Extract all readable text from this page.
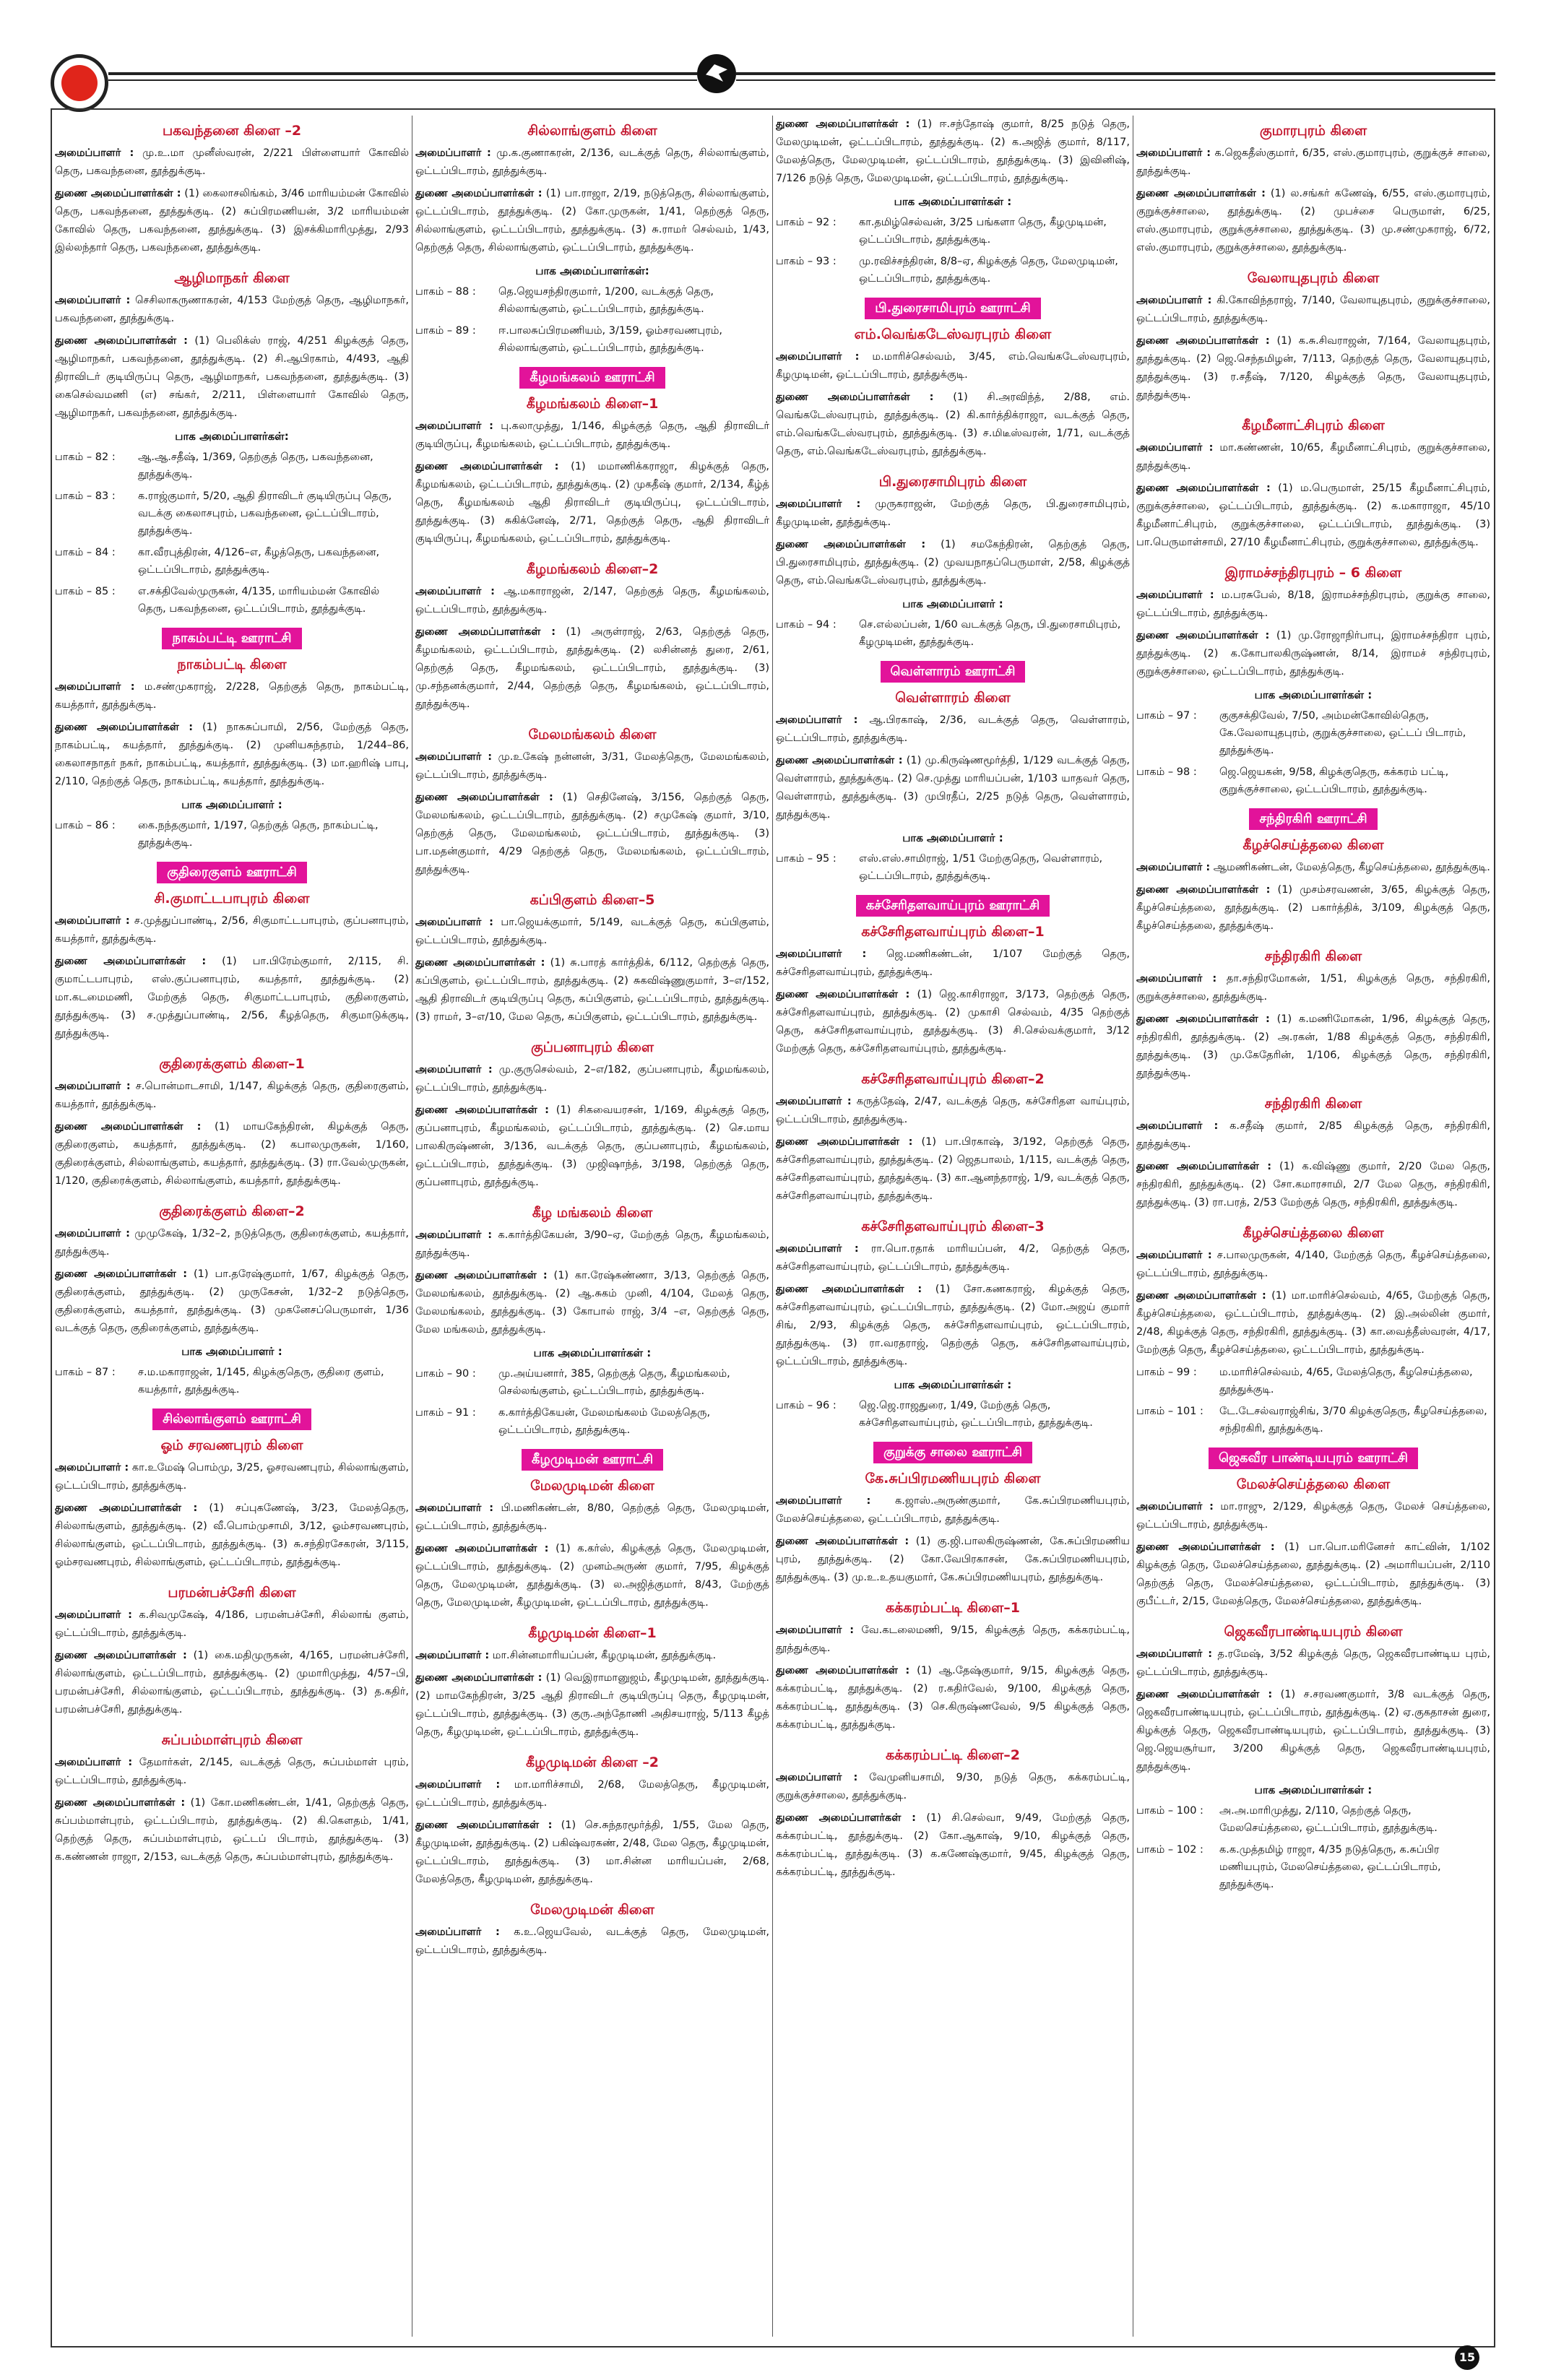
பகவந்தனை கிளை –2
அமைப்பாளர் : மு.உ.மா முனீஸ்வரன், 2/221 பிள்ளையார் கோவில் தெரு, பகவந்தனை, தூத்துக்குடி.
துணை அமைப்பாளர்கள் : (1) கைலாசலிங்கம், 3/46 மாரியம்மன் கோவில் தெரு, பகவந்தனை, தூத்துக்குடி. (2) சுப்பிரமணியன், 3/2 மாரியம்மன் கோவில் தெரு, பகவந்தனை, தூத்துக்குடி. (3) இசக்கிமாரிமுத்து, 2/93 இல்லந்தார் தெரு, பகவந்தனை, தூத்துக்குடி.
ஆழிமாநகர் கிளை
அமைப்பாளர் : செசிலாகருணாகரன், 4/153 மேற்குத் தெரு, ஆழிமாநகர், பகவந்தனை, தூத்துக்குடி.
துணை அமைப்பாளர்கள் : (1) பெலிக்ஸ் ராஜ், 4/251 கிழக்குத் தெரு, ஆழிமாநகர், பகவந்தனை, தூத்துக்குடி. (2) சி.ஆபிரகாம், 4/493, ஆதி திராவிடர் குடியிருப்பு தெரு, ஆழிமாநகர், பகவந்தனை, தூத்துக்குடி. (3) கைசெல்வமணி (எ) சங்கர், 2/211, பிள்ளையார் கோவில் தெரு, ஆழிமாநகர், பகவந்தனை, தூத்துக்குடி.
பாக அமைப்பாளர்கள்:
பாகம் – 82 :	ஆ.ஆ.சதீஷ், 1/369, தெற்குத் தெரு, பகவந்தனை, தூத்துக்குடி.
பாகம் – 83 :	க.ராஜ்குமார், 5/20, ஆதி திராவிடர் குடியிருப்பு தெரு, வடக்கு கைலாசபுரம், பகவந்தனை, ஒட்டப்பிடாரம், தூத்துக்குடி.
பாகம் – 84 :	கா.வீரபுத்திரன், 4/126–எ, கீழத்தெரு, பகவந்தனை, ஒட்டப்பிடாரம், தூத்துக்குடி.
பாகம் – 85 :	எ.சக்திவேல்முருகன், 4/135, மாரியம்மன் கோவில் தெரு, பகவந்தனை, ஒட்டப்பிடாரம், தூத்துக்குடி.
நாகம்பட்டி ஊராட்சி
நாகம்பட்டி கிளை
அமைப்பாளர் : ம.சண்முகராஜ், 2/228, தெற்குத் தெரு, நாகம்பட்டி, கயத்தார், தூத்துக்குடி.
துணை அமைப்பாளர்கள் : (1) நாகசுப்பாமி, 2/56, மேற்குத் தெரு, நாகம்பட்டி, கயத்தார், தூத்துக்குடி. (2) முனியசுந்தரம், 1/244–86, கைலாசநாதர் நகர், நாகம்பட்டி, கயத்தார், தூத்துக்குடி. (3) மா.ஹரிஷ் பாபு, 2/110, தெற்குத் தெரு, நாகம்பட்டி, கயத்தார், தூத்துக்குடி.
பாக அமைப்பாளர் :
பாகம் – 86 :	கை.நந்தகுமார், 1/197, தெற்குத் தெரு, நாகம்பட்டி, தூத்துக்குடி.
குதிரைகுளம் ஊராட்சி
சி.குமாட்டபாபுரம் கிளை
அமைப்பாளர் : ச.முத்துப்பாண்டி, 2/56, சிகுமாட்டபாபுரம், குப்பனாபுரம், கயத்தார், தூத்துக்குடி.
துணை அமைப்பாளர்கள் : (1) பா.பிரேம்குமார், 2/115, சி. குமாட்டபாபுரம், எஸ்.குப்பனாபுரம், கயத்தார், தூத்துக்குடி. (2) மா.கடமைமணி, மேற்குத் தெரு, சிகுமாட்டபாபுரம், குதிரைகுளம், தூத்துக்குடி. (3) ச.முத்துப்பாண்டி, 2/56, கீழத்தெரு, சிகுமாடுக்குடி, தூத்துக்குடி.
குதிரைக்குளம் கிளை–1
அமைப்பாளர் : ச.பொன்மாடசாமி, 1/147, கிழக்குத் தெரு, குதிரைகுளம், கயத்தார், தூத்துக்குடி.
துணை அமைப்பாளர்கள் : (1) மாயகேந்திரன், கிழக்குத் தெரு, குதிரைகுளம், கயத்தார், தூத்துக்குடி. (2) கபாலமுருகன், 1/160, குதிரைக்குளம், சில்லாங்குளம், கயத்தார், தூத்துக்குடி. (3) ரா.வேல்முருகன், 1/120, குதிரைக்குளம், சில்லாங்குளம், கயத்தார், தூத்துக்குடி.
குதிரைக்குளம் கிளை–2
அமைப்பாளர் : முமுகேஷ், 1/32–2, நடுத்தெரு, குதிரைக்குளம், கயத்தார், தூத்துக்குடி.
துணை அமைப்பாளர்கள் : (1) பா.தரேஷ்குமார், 1/67, கிழக்குத் தெரு, குதிரைக்குளம், தூத்துக்குடி. (2) முருகேசன், 1/32–2 நடுத்தெரு, குதிரைக்குளம், கயத்தார், தூத்துக்குடி. (3) முகனேசப்பெருமாள், 1/36 வடக்குத் தெரு, குதிரைக்குளம், தூத்துக்குடி.
பாக அமைப்பாளர் :
பாகம் – 87 :	ச.ம.மகாராஜன், 1/145, கிழக்குதெரு, குதிரை குளம், கயத்தார், தூத்துக்குடி.
சில்லாங்குளம் ஊராட்சி
ஓம் சரவணபுரம் கிளை
அமைப்பாளர் : கா.உமேஷ் பொம்மு, 3/25, ஓசரவணபுரம், சில்லாங்குளம், ஒட்டப்பிடாரம், தூத்துக்குடி.
துணை அமைப்பாளர்கள் : (1) சப்புகணேஷ், 3/23, மேலத்தெரு, சில்லாங்குளம், தூத்துக்குடி. (2) வீ.பொம்முசாமி, 3/12, ஓம்சரவணபுரம், சில்லாங்குளம், ஒட்டப்பிடாரம், தூத்துக்குடி. (3) சு.சந்திரசேகரன், 3/115, ஓம்சரவணபுரம், சில்லாங்குளம், ஒட்டப்பிடாரம், தூத்துக்குடி.
பரமன்பச்சேரி கிளை
அமைப்பாளர் : க.சிவமுகேஷ், 4/186, பரமன்பச்சேரி, சில்லாங் குளம், ஒட்டப்பிடாரம், தூத்துக்குடி.
துணை அமைப்பாளர்கள் : (1) கை.மதிமுருகன், 4/165, பரமன்பச்சேரி, சில்லாங்குளம், ஒட்டப்பிடாரம், தூத்துக்குடி. (2) முமாரிமுத்து, 4/57–பி, பரமன்பச்சேரி, சில்லாங்குளம், ஒட்டப்பிடாரம், தூத்துக்குடி. (3) த.கதிர், பரமன்பச்சேரி, தூத்துக்குடி.
சுப்பம்மாள்புரம் கிளை
அமைப்பாளர் : தேமார்கள், 2/145, வடக்குத் தெரு, சுப்பம்மாள் புரம், ஒட்டப்பிடாரம், தூத்துக்குடி.
துணை அமைப்பாளர்கள் : (1) கோ.மணிகண்டன், 1/41, தெற்குத் தெரு, சுப்பம்மாள்புரம், ஒட்டப்பிடாரம், தூத்துக்குடி. (2) கி.கௌதம், 1/41, தெற்குத் தெரு, சுப்பம்மாள்புரம், ஒட்டப் பிடாரம், தூத்துக்குடி. (3) க.கண்ணன் ராஜா, 2/153, வடக்குத் தெரு, சுப்பம்மாள்புரம், தூத்துக்குடி.
சில்லாங்குளம் கிளை
அமைப்பாளர் : மு.க.குணாகரன், 2/136, வடக்குத் தெரு, சில்லாங்குளம், ஒட்டப்பிடாரம், தூத்துக்குடி.
துணை அமைப்பாளர்கள் : (1) பா.ராஜா, 2/19, நடுத்தெரு, சில்லாங்குளம், ஒட்டப்பிடாரம், தூத்துக்குடி. (2) கோ.முருகன், 1/41, தெற்குத் தெரு, சில்லாங்குளம், ஒட்டப்பிடாரம், தூத்துக்குடி. (3) சு.ராமர் செல்வம், 1/43, தெற்குத் தெரு, சில்லாங்குளம், ஒட்டப்பிடாரம், தூத்துக்குடி.
பாக அமைப்பாளர்கள்:
பாகம் – 88 :	தெ.ஜெயசந்திரகுமார், 1/200, வடக்குத் தெரு, சில்லாங்குளம், ஒட்டப்பிடாரம், தூத்துக்குடி.
பாகம் – 89 :	ஈ.பாலசுப்பிரமணியம், 3/159, ஓம்சரவணபுரம், சில்லாங்குளம், ஒட்டப்பிடாரம், தூத்துக்குடி.
கீழமங்கலம் ஊராட்சி
கீழமங்கலம் கிளை–1
அமைப்பாளர் : பு.கலாமுத்து, 1/146, கிழக்குத் தெரு, ஆதி திராவிடர் குடியிருப்பு, கீழமங்கலம், ஒட்டப்பிடாரம், தூத்துக்குடி.
துணை அமைப்பாளர்கள் : (1) மமாணிக்கராஜா, கிழக்குத் தெரு, கீழமங்கலம், ஒட்டப்பிடாரம், தூத்துக்குடி. (2) முகதீஷ் குமார், 2/134, கீழ்த் தெரு, கீழமங்கலம் ஆதி திராவிடர் குடியிருப்பு, ஒட்டப்பிடாரம், தூத்துக்குடி. (3) சுகிக்னேஷ், 2/71, தெற்குத் தெரு, ஆதி திராவிடர் குடியிருப்பு, கீழமங்கலம், ஒட்டப்பிடாரம், தூத்துக்குடி.
கீழமங்கலம் கிளை–2
அமைப்பாளர் : ஆ.மகாராஜன், 2/147, தெற்குத் தெரு, கீழமங்கலம், ஒட்டப்பிடாரம், தூத்துக்குடி.
துணை அமைப்பாளர்கள் : (1) அருள்ராஜ், 2/63, தெற்குத் தெரு, கீழமங்கலம், ஒட்டப்பிடாரம், தூத்துக்குடி. (2) லசின்னத் துரை, 2/61, தெற்குத் தெரு, கீழமங்கலம், ஒட்டப்பிடாரம், தூத்துக்குடி. (3) மு.சந்தனக்குமார், 2/44, தெற்குத் தெரு, கீழமங்கலம், ஒட்டப்பிடாரம், தூத்துக்குடி.
மேலமங்கலம் கிளை
அமைப்பாளர் : மு.உகேஷ் நன்னன், 3/31, மேலத்தெரு, மேலமங்கலம், ஒட்டப்பிடாரம், தூத்துக்குடி.
துணை அமைப்பாளர்கள் : (1) செதினேஷ், 3/156, தெற்குத் தெரு, மேலமங்கலம், ஒட்டப்பிடாரம், தூத்துக்குடி. (2) சமுகேஷ் குமார், 3/10, தெற்குத் தெரு, மேலமங்கலம், ஒட்டப்பிடாரம், தூத்துக்குடி. (3) பா.மதன்குமார், 4/29 தெற்குத் தெரு, மேலமங்கலம், ஒட்டப்பிடாரம், தூத்துக்குடி.
கப்பிகுளம் கிளை–5
அமைப்பாளர் : பா.ஜெயக்குமார், 5/149, வடக்குத் தெரு, கப்பிகுளம், ஒட்டப்பிடாரம், தூத்துக்குடி.
துணை அமைப்பாளர்கள் : (1) சு.பாரத் கார்த்திக், 6/112, தெற்குத் தெரு, கப்பிகுளம், ஒட்டப்பிடாரம், தூத்துக்குடி. (2) சுகவிஷ்ணுகுமார், 3–எ/152, ஆதி திராவிடர் குடியிருப்பு தெரு, கப்பிகுளம், ஒட்டப்பிடாரம், தூத்துக்குடி. (3) ராமர், 3–எ/10, மேல தெரு, கப்பிகுளம், ஒட்டப்பிடாரம், தூத்துக்குடி.
குப்பனாபுரம் கிளை
அமைப்பாளர் : மு.குருசெல்வம், 2–எ/182, குப்பனாபுரம், கீழமங்கலம், ஒட்டப்பிடாரம், தூத்துக்குடி.
துணை அமைப்பாளர்கள் : (1) சிகவையரசன், 1/169, கிழக்குத் தெரு, குப்பனாபுரம், கீழமங்கலம், ஒட்டப்பிடாரம், தூத்துக்குடி. (2) செ.மாய பாலகிருஷ்ணன், 3/136, வடக்குத் தெரு, குப்பனாபுரம், கீழமங்கலம், ஒட்டப்பிடாரம், தூத்துக்குடி. (3) முஜிஷாந்த், 3/198, தெற்குத் தெரு, குப்பனாபுரம், தூத்துக்குடி.
கீழ மங்கலம் கிளை
அமைப்பாளர் : க.கார்த்திகேயன், 3/90–ஏ, மேற்குத் தெரு, கீழமங்கலம், தூத்துக்குடி.
துணை அமைப்பாளர்கள் : (1) கா.ரேஷ்கண்ணா, 3/13, தெற்குத் தெரு, மேலமங்கலம், தூத்துக்குடி. (2) ஆ.சுகம் முனி, 4/104, மேலத் தெரு, மேலமங்கலம், தூத்துக்குடி. (3) கோபால் ராஜ், 3/4 –எ, தெற்குத் தெரு, மேல மங்கலம், தூத்துக்குடி.
பாக அமைப்பாளர்கள் :
பாகம் – 90 :	மு.அய்யனார், 385, தெற்குத் தெரு, கீழமங்கலம், செல்லங்குளம், ஒட்டப்பிடாரம், தூத்துக்குடி.
பாகம் – 91 :	க.கார்த்திகேயன், மேலமங்கலம் மேலத்தெரு, ஒட்டப்பிடாரம், தூத்துக்குடி.
கீழமுடிமன் ஊராட்சி
மேலமுடிமன் கிளை
அமைப்பாளர் : பி.மணிகண்டன், 8/80, தெற்குத் தெரு, மேலமுடிமன், ஒட்டப்பிடாரம், தூத்துக்குடி.
துணை அமைப்பாளர்கள் : (1) க.கர்ஸ், கிழக்குத் தெரு, மேலமுடிமன், ஒட்டப்பிடாரம், தூத்துக்குடி. (2) முனம்அருண் குமார், 7/95, கிழக்குத் தெரு, மேலமுடிமன், தூத்துக்குடி. (3) ல.அஜித்குமார், 8/43, மேற்குத் தெரு, மேலமுடிமன், கீழமுடிமன், ஒட்டப்பிடாரம், தூத்துக்குடி.
கீழமுடிமன் கிளை–1
அமைப்பாளர் : மா.சின்னமாரியப்பன், கீழமுடிமன், தூத்துக்குடி.
துணை அமைப்பாளர்கள் : (1) வெஇராமானுஜம், கீழமுடிமன், தூத்துக்குடி. (2) மாமகேந்திரன், 3/25 ஆதி திராவிடர் குடியிருப்பு தெரு, கீழமுடிமன், ஒட்டப்பிடாரம், தூத்துக்குடி. (3) குரு.அந்தோணி அதிசயராஜ், 5/113 கீழத் தெரு, கீழமுடிமன், ஒட்டப்பிடாரம், தூத்துக்குடி.
கீழமுடிமன் கிளை –2
அமைப்பாளர் : மா.மாரிச்சாமி, 2/68, மேலத்தெரு, கீழமுடிமன், ஒட்டப்பிடாரம், தூத்துக்குடி.
துணை அமைப்பாளர்கள் : (1) செ.சுந்தரமூர்த்தி, 1/55, மேல தெரு, கீழமுடிமன், தூத்துக்குடி. (2) பகிஷ்வரகண், 2/48, மேல தெரு, கீழமுடிமன், ஒட்டப்பிடாரம், தூத்துக்குடி. (3) மா.சின்ன மாரியப்பன், 2/68, மேலத்தெரு, கீழமுடிமன், தூத்துக்குடி.
மேலமுடிமன் கிளை
அமைப்பாளர் : க.உ.ஜெயவேல், வடக்குத் தெரு, மேலமுடிமன், ஒட்டப்பிடாரம், தூத்துக்குடி.
துணை அமைப்பாளர்கள் : (1) ஈ.சந்தோஷ் குமார், 8/25 நடுத் தெரு, மேலமுடிமன், ஒட்டப்பிடாரம், தூத்துக்குடி. (2) க.அஜித் குமார், 8/117, மேலத்தெரு, மேலமுடிமன், ஒட்டப்பிடாரம், தூத்துக்குடி. (3) இவினிஷ், 7/126 நடுத் தெரு, மேலமுடிமன், ஒட்டப்பிடாரம், தூத்துக்குடி.
பாக அமைப்பாளர்கள் :
பாகம் – 92 :	கா.தமிழ்செல்வன், 3/25 பங்களா தெரு, கீழமுடிமன், ஒட்டப்பிடாரம், தூத்துக்குடி.
பாகம் – 93 :	மு.ரவிச்சந்திரன், 8/8–ஏ, கிழக்குத் தெரு, மேலமுடிமன், ஒட்டப்பிடாரம், தூத்துக்குடி.
பி.துரைசாமிபுரம் ஊராட்சி
எம்.வெங்கடேஸ்வரபுரம் கிளை
அமைப்பாளர் : ம.மாரிச்செல்வம், 3/45, எம்.வெங்கடேஸ்வரபுரம், கீழமுடிமன், ஒட்டப்பிடாரம், தூத்துக்குடி.
துணை அமைப்பாளர்கள் : (1) சி.அரவிந்த், 2/88, எம். வெங்கடேஸ்வரபுரம், தூத்துக்குடி. (2) கி.கார்த்திக்ராஜா, வடக்குத் தெரு, எம்.வெங்கடேஸ்வரபுரம், தூத்துக்குடி. (3) ச.மிடீஸ்வரன், 1/71, வடக்குத் தெரு, எம்.வெங்கடேஸ்வரபுரம், தூத்துக்குடி.
பி.துரைசாமிபுரம் கிளை
அமைப்பாளர் : முருகராஜன், மேற்குத் தெரு, பி.துரைசாமிபுரம், கீழமுடிமன், தூத்துக்குடி.
துணை அமைப்பாளர்கள் : (1) சமகேந்திரன், தெற்குத் தெரு, பி.துரைசாமிபுரம், தூத்துக்குடி. (2) முவயநாதப்பெருமாள், 2/58, கிழக்குத் தெரு, எம்.வெங்கடேஸ்வரபுரம், தூத்துக்குடி.
பாக அமைப்பாளர் :
பாகம் – 94 :	செ.எல்லப்பன், 1/60 வடக்குத் தெரு, பி.துரைசாமிபுரம், கீழமுடிமன், தூத்துக்குடி.
வெள்ளாரம் ஊராட்சி
வெள்ளாரம் கிளை
அமைப்பாளர் : ஆ.பிரகாஷ், 2/36, வடக்குத் தெரு, வெள்ளாரம், ஒட்டப்பிடாரம், தூத்துக்குடி.
துணை அமைப்பாளர்கள் : (1) மு.கிருஷ்ணமூர்த்தி, 1/129 வடக்குத் தெரு, வெள்ளாரம், தூத்துக்குடி. (2) செ.முத்து மாரியப்பன், 1/103 யாதவர் தெரு, வெள்ளாரம், தூத்துக்குடி. (3) முபிரதீப், 2/25 நடுத் தெரு, வெள்ளாரம், தூத்துக்குடி.
பாக அமைப்பாளர் :
பாகம் – 95 :	எஸ்.எஸ்.சாமிராஜ், 1/51 மேற்குதெரு, வெள்ளாரம், ஒட்டப்பிடாரம், தூத்துக்குடி.
கச்சேரிதளவாய்புரம் ஊராட்சி
கச்சேரிதளவாய்புரம் கிளை–1
அமைப்பாளர் : ஜெ.மணிகண்டன், 1/107 மேற்குத் தெரு, கச்சேரிதளவாய்புரம், தூத்துக்குடி.
துணை அமைப்பாளர்கள் : (1) ஜெ.காசிராஜா, 3/173, தெற்குத் தெரு, கச்சேரிதளவாய்புரம், தூத்துக்குடி. (2) முகாசி செல்வம், 4/35 தெற்குத் தெரு, கச்சேரிதளவாய்புரம், தூத்துக்குடி. (3) சி.செல்வக்குமார், 3/12 மேற்குத் தெரு, கச்சேரிதளவாய்புரம், தூத்துக்குடி.
கச்சேரிதளவாய்புரம் கிளை–2
அமைப்பாளர் : கருத்தேஷ், 2/47, வடக்குத் தெரு, கச்சேரிதள வாய்புரம், ஒட்டப்பிடாரம், தூத்துக்குடி.
துணை அமைப்பாளர்கள் : (1) பா.பிரகாஷ், 3/192, தெற்குத் தெரு, கச்சேரிதளவாய்புரம், தூத்துக்குடி. (2) ஜெதபாலம், 1/115, வடக்குத் தெரு, கச்சேரிதளவாய்புரம், தூத்துக்குடி. (3) கா.ஆனந்தராஜ், 1/9, வடக்குத் தெரு, கச்சேரிதளவாய்புரம், தூத்துக்குடி.
கச்சேரிதளவாய்புரம் கிளை–3
அமைப்பாளர் : ரா.பொ.ரதாக் மாரியப்பன், 4/2, தெற்குத் தெரு, கச்சேரிதளவாய்புரம், ஒட்டப்பிடாரம், தூத்துக்குடி.
துணை அமைப்பாளர்கள் : (1) சோ.கணகராஜ், கிழக்குத் தெரு, கச்சேரிதளவாய்புரம், ஒட்டப்பிடாரம், தூத்துக்குடி. (2) மோ.அஜய் குமார் சிங், 2/93, கிழக்குத் தெரு, கச்சேரிதளவாய்புரம், ஒட்டப்பிடாரம், தூத்துக்குடி. (3) ரா.வரதராஜ், தெற்குத் தெரு, கச்சேரிதளவாய்புரம், ஒட்டப்பிடாரம், தூத்துக்குடி.
பாக அமைப்பாளர்கள் :
பாகம் – 96 :	ஜெ.ஜெ.ராஜதுரை, 1/49, மேற்குத் தெரு, கச்சேரிதளவாய்புரம், ஒட்டப்பிடாரம், தூத்துக்குடி.
குறுக்கு சாலை ஊராட்சி
கே.சுப்பிரமணியபுரம் கிளை
அமைப்பாளர் : க.ஜாஸ்.அருண்குமார், கே.சுப்பிரமணியபுரம், மேலச்செய்த்தலை, ஒட்டப்பிடாரம், தூத்துக்குடி.
துணை அமைப்பாளர்கள் : (1) கு.ஜி.பாலகிருஷ்ணன், கே.சுப்பிரமணிய புரம், தூத்துக்குடி. (2) கோ.வேபிரகாசன், கே.சுப்பிரமணியபுரம், தூத்துக்குடி. (3) மு.உ.உதயகுமார், கே.சுப்பிரமணியபுரம், தூத்துக்குடி.
கக்கரம்பட்டி கிளை–1
அமைப்பாளர் : வே.கடலைமணி, 9/15, கிழக்குத் தெரு, கக்கரம்பட்டி, தூத்துக்குடி.
துணை அமைப்பாளர்கள் : (1) ஆ.தேஷ்குமார், 9/15, கிழக்குத் தெரு, கக்கரம்பட்டி, தூத்துக்குடி. (2) ர.கதிர்வேல், 9/100, கிழக்குத் தெரு, கக்கரம்பட்டி, தூத்துக்குடி. (3) செ.கிருஷ்ணவேல், 9/5 கிழக்குத் தெரு, கக்கரம்பட்டி, தூத்துக்குடி.
கக்கரம்பட்டி கிளை–2
அமைப்பாளர் : வேமுனியசாமி, 9/30, நடுத் தெரு, கக்கரம்பட்டி, குறுக்குச்சாலை, தூத்துக்குடி.
துணை அமைப்பாளர்கள் : (1) சி.செல்வா, 9/49, மேற்குத் தெரு, கக்கரம்பட்டி, தூத்துக்குடி. (2) கோ.ஆகாஷ், 9/10, கிழக்குத் தெரு, கக்கரம்பட்டி, தூத்துக்குடி. (3) க.கணேஷ்குமார், 9/45, கிழக்குத் தெரு, கக்கரம்பட்டி, தூத்துக்குடி.
குமாரபுரம் கிளை
அமைப்பாளர் : க.ஜெகதீஸ்குமார், 6/35, எஸ்.குமாரபுரம், குறுக்குச் சாலை, தூத்துக்குடி.
துணை அமைப்பாளர்கள் : (1) ல.சங்கர் கணேஷ், 6/55, எஸ்.குமாரபுரம், குறுக்குச்சாலை, தூத்துக்குடி. (2) முபச்சை பெருமாள், 6/25, எஸ்.குமாரபுரம், குறுக்குச்சாலை, தூத்துக்குடி. (3) மு.சண்முகராஜ், 6/72, எஸ்.குமாரபுரம், குறுக்குச்சாலை, தூத்துக்குடி.
வேலாயுதபுரம் கிளை
அமைப்பாளர் : கி.கோவிந்தராஜ், 7/140, வேலாயுதபுரம், குறுக்குச்சாலை, ஒட்டப்பிடாரம், தூத்துக்குடி.
துணை அமைப்பாளர்கள் : (1) க.சு.சிவராஜன், 7/164, வேலாயுதபுரம், தூத்துக்குடி. (2) ஜெ.செந்தமிழன், 7/113, தெற்குத் தெரு, வேலாயுதபுரம், தூத்துக்குடி. (3) ர.சதீஷ், 7/120, கிழக்குத் தெரு, வேலாயுதபுரம், தூத்துக்குடி.
கீழமீனாட்சிபுரம் கிளை
அமைப்பாளர் : மா.கண்ணன், 10/65, கீழமீனாட்சிபுரம், குறுக்குச்சாலை, தூத்துக்குடி.
துணை அமைப்பாளர்கள் : (1) ம.பெருமாள், 25/15 கீழமீனாட்சிபுரம், குறுக்குச்சாலை, ஒட்டப்பிடாரம், தூத்துக்குடி. (2) க.மகாராஜா, 45/10 கீழமீனாட்சிபுரம், குறுக்குச்சாலை, ஒட்டப்பிடாரம், தூத்துக்குடி. (3) பா.பெருமாள்சாமி, 27/10 கீழமீனாட்சிபுரம், குறுக்குச்சாலை, தூத்துக்குடி.
இராமச்சந்திரபுரம் – 6 கிளை
அமைப்பாளர் : ம.பரசுபேல், 8/18, இராமச்சந்திரபுரம், குறுக்கு சாலை, ஒட்டப்பிடாரம், தூத்துக்குடி.
துணை அமைப்பாளர்கள் : (1) மு.ரோஜாநிர்பாபு, இராமச்சந்திரா புரம், தூத்துக்குடி. (2) க.கோபாலகிருஷ்ணன், 8/14, இராமச் சந்திரபுரம், குறுக்குச்சாலை, ஒட்டப்பிடாரம், தூத்துக்குடி.
பாக அமைப்பாளர்கள் :
பாகம் – 97 :	குகுசக்திவேல், 7/50, அம்மன்கோவில்தெரு, கே.வேலாயுதபுரம், குறுக்குச்சாலை, ஒட்டப் பிடாரம், தூத்துக்குடி.
பாகம் – 98 :	ஜெ.ஜெயகன், 9/58, கிழக்குதெரு, கக்கரம் பட்டி, குறுக்குச்சாலை, ஒட்டப்பிடாரம், தூத்துக்குடி.
சந்திரகிரி ஊராட்சி
கீழச்செய்த்தலை கிளை
அமைப்பாளர் : ஆமணிகண்டன், மேலத்தெரு, கீழசெய்த்தலை, தூத்துக்குடி.
துணை அமைப்பாளர்கள் : (1) முசம்சரவணன், 3/65, கிழக்குத் தெரு, கீழச்செய்த்தலை, தூத்துக்குடி. (2) பகார்த்திக், 3/109, கிழக்குத் தெரு, கீழச்செய்த்தலை, தூத்துக்குடி.
சந்திரகிரி கிளை
அமைப்பாளர் : தா.சந்திரமோகன், 1/51, கிழக்குத் தெரு, சந்திரகிரி, குறுக்குச்சாலை, தூத்துக்குடி.
துணை அமைப்பாளர்கள் : (1) க.மணிமோகன், 1/96, கிழக்குத் தெரு, சந்திரகிரி, தூத்துக்குடி. (2) அ.ரகன், 1/88 கிழக்குத் தெரு, சந்திரகிரி, தூத்துக்குடி. (3) மு.கேதேரின், 1/106, கிழக்குத் தெரு, சந்திரகிரி, தூத்துக்குடி.
சந்திரகிரி கிளை
அமைப்பாளர் : க.சதீஷ் குமார், 2/85 கிழக்குத் தெரு, சந்திரகிரி, தூத்துக்குடி.
துணை அமைப்பாளர்கள் : (1) க.விஷ்ணு குமார், 2/20 மேல தெரு, சந்திரகிரி, தூத்துக்குடி. (2) சோ.கமாரசாமி, 2/7 மேல தெரு, சந்திரகிரி, தூத்துக்குடி. (3) ரா.பரத், 2/53 மேற்குத் தெரு, சந்திரகிரி, தூத்துக்குடி.
கீழச்செய்த்தலை கிளை
அமைப்பாளர் : ச.பாலமுருகன், 4/140, மேற்குத் தெரு, கீழச்செய்த்தலை, ஒட்டப்பிடாரம், தூத்துக்குடி.
துணை அமைப்பாளர்கள் : (1) மா.மாரிச்செல்வம், 4/65, மேற்குத் தெரு, கீழச்செய்த்தலை, ஒட்டப்பிடாரம், தூத்துக்குடி. (2) இ.அல்லின் குமார், 2/48, கிழக்குத் தெரு, சந்திரகிரி, தூத்துக்குடி. (3) கா.வைத்தீஸ்வரன், 4/17, மேற்குத் தெரு, கீழச்செய்த்தலை, ஒட்டப்பிடாரம், தூத்துக்குடி.
பாகம் – 99 :	ம.மாரிச்செல்வம், 4/65, மேலத்தெரு, கீழசெய்த்தலை, தூத்துக்குடி.
பாகம் – 101 :	டே.டேசல்வராஜ்சிங், 3/70 கிழக்குதெரு, கீழசெய்த்தலை, சந்திரகிரி, தூத்துக்குடி.
ஜெகவீர பாண்டியபுரம் ஊராட்சி
மேலச்செய்த்தலை கிளை
அமைப்பாளர் : மா.ராஜு, 2/129, கிழக்குத் தெரு, மேலச் செய்த்தலை, ஒட்டப்பிடாரம், தூத்துக்குடி.
துணை அமைப்பாளர்கள் : (1) பா.பொ.மரினேசர் காட்வின், 1/102 கிழக்குத் தெரு, மேலச்செய்த்தலை, தூத்துக்குடி. (2) அமாரியப்பன், 2/110 தெற்குத் தெரு, மேலச்செய்த்தலை, ஒட்டப்பிடாரம், தூத்துக்குடி. (3) குபீட்டர், 2/15, மேலத்தெரு, மேலச்செய்த்தலை, தூத்துக்குடி.
ஜெகவீரபாண்டியபுரம் கிளை
அமைப்பாளர் : த.ரமேஷ், 3/52 கிழக்குத் தெரு, ஜெகவீரபாண்டிய புரம், ஒட்டப்பிடாரம், தூத்துக்குடி.
துணை அமைப்பாளர்கள் : (1) ச.சரவணகுமார், 3/8 வடக்குத் தெரு, ஜெகவீரபாண்டியபுரம், ஒட்டப்பிடாரம், தூத்துக்குடி. (2) ஏ.குகதாசன் துரை, கிழக்குத் தெரு, ஜெகவீரபாண்டியபுரம், ஒட்டப்பிடாரம், தூத்துக்குடி. (3) ஜெ.ஜெயசூர்யா, 3/200 கிழக்குத் தெரு, ஜெகவீரபாண்டியபுரம், தூத்துக்குடி.
பாக அமைப்பாளர்கள் :
பாகம் – 100 :	அ.அ.மாரிமுத்து, 2/110, தெற்குத் தெரு, மேலசெய்த்தலை, ஒட்டப்பிடாரம், தூத்துக்குடி.
பாகம் – 102 :	க.க.முத்தமிழ் ராஜா, 4/35 நடுத்தெரு, க.சுப்பிர மணியபுரம், மேலசெய்த்தலை, ஒட்டப்பிடாரம், தூத்துக்குடி.
15
